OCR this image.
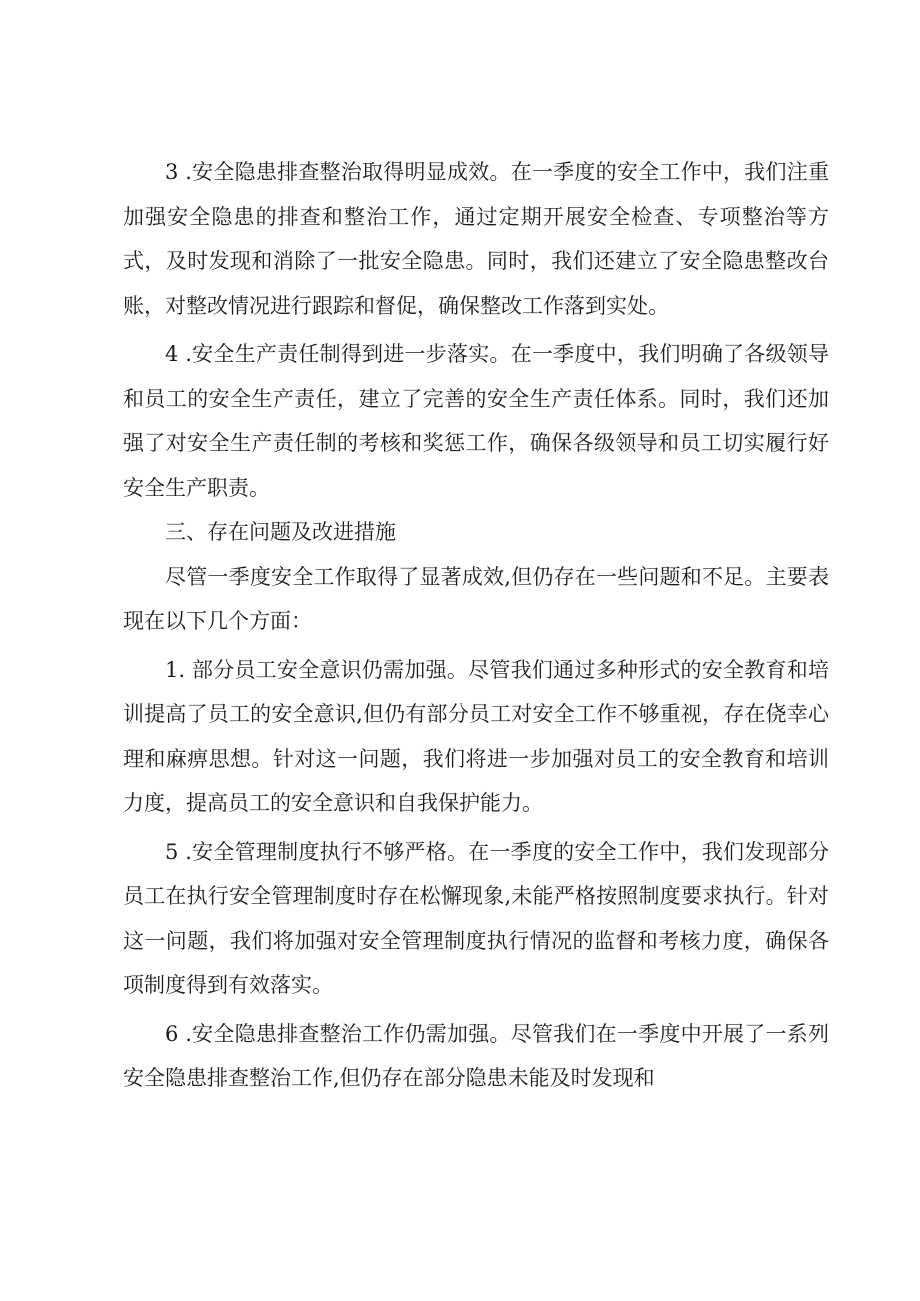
3 .安全隐患排查整治取得明显成效。在一季度的安全工作中，我们注重加强安全隐患的排查和整治工作，通过定期开展安全检查、专项整治等方式，及时发现和消除了一批安全隐患。同时，我们还建立了安全隐患整改台账，对整改情况进行跟踪和督促，确保整改工作落到实处。

4 .安全生产责任制得到进一步落实。在一季度中，我们明确了各级领导和员工的安全生产责任，建立了完善的安全生产责任体系。同时，我们还加强了对安全生产责任制的考核和奖惩工作，确保各级领导和员工切实履行好安全生产职责。

三、存在问题及改进措施

尽管一季度安全工作取得了显著成效,但仍存在一些问题和不足。主要表现在以下几个方面：

1. 部分员工安全意识仍需加强。尽管我们通过多种形式的安全教育和培训提高了员工的安全意识,但仍有部分员工对安全工作不够重视，存在侥幸心理和麻痹思想。针对这一问题，我们将进一步加强对员工的安全教育和培训力度，提高员工的安全意识和自我保护能力。

5 .安全管理制度执行不够严格。在一季度的安全工作中，我们发现部分员工在执行安全管理制度时存在松懈现象,未能严格按照制度要求执行。针对这一问题，我们将加强对安全管理制度执行情况的监督和考核力度，确保各项制度得到有效落实。

6 .安全隐患排查整治工作仍需加强。尽管我们在一季度中开展了一系列安全隐患排查整治工作,但仍存在部分隐患未能及时发现和
